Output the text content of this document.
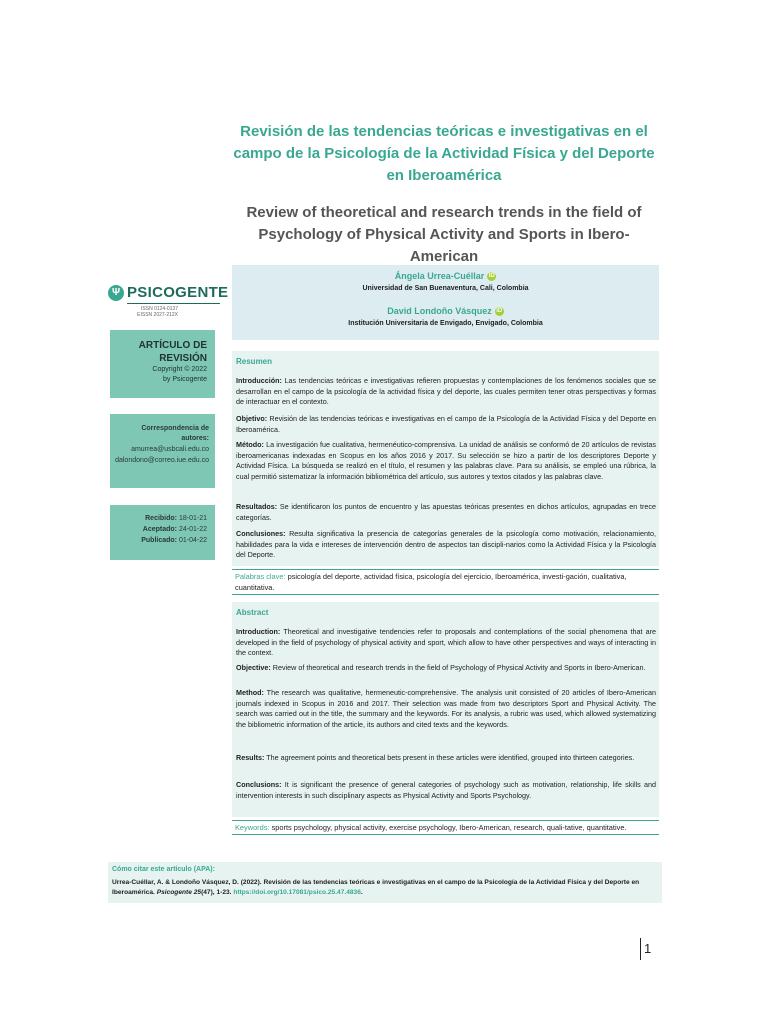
Revisión de las tendencias teóricas e investigativas en el campo de la Psicología de la Actividad Física y del Deporte en Iberoamérica
Review of theoretical and research trends in the field of Psychology of Physical Activity and Sports in Ibero-American
Ψ PSICOGENTE
ISSN 0124-0137
EISSN 2027-212X
ARTÍCULO DE
REVISIÓN
Copyright © 2022
by Psicogente
Correspondencia de
autores:
amurrea@usbcali.edu.co
dalondono@correo.iue.edu.co
Recibido: 18-01-21
Aceptado: 24-01-22
Publicado: 01-04-22
Ángela Urrea-Cuéllar iD
Universidad de San Buenaventura, Cali, Colombia
David Londoño Vásquez iD
Institución Universitaria de Envigado, Envigado, Colombia
Resumen
Introducción: Las tendencias teóricas e investigativas refieren propuestas y contemplaciones de los fenómenos sociales que se desarrollan en el campo de la psicología de la actividad física y del deporte, las cuales permiten tener otras perspectivas y formas de interactuar en el contexto.
Objetivo: Revisión de las tendencias teóricas e investigativas en el campo de la Psicología de la Actividad Física y del Deporte en Iberoamérica.
Método: La investigación fue cualitativa, hermenéutico-comprensiva. La unidad de análisis se conformó de 20 artículos de revistas iberoamericanas indexadas en Scopus en los años 2016 y 2017. Su selección se hizo a partir de los descriptores Deporte y Actividad Física. La búsqueda se realizó en el título, el resumen y las palabras clave. Para su análisis, se empleó una rúbrica, la cual permitió sistematizar la información bibliométrica del artículo, sus autores y textos citados y las palabras clave.
Resultados: Se identificaron los puntos de encuentro y las apuestas teóricas presentes en dichos artículos, agrupadas en trece categorías.
Conclusiones: Resulta significativa la presencia de categorías generales de la psicología como motivación, relacionamiento, habilidades para la vida e intereses de intervención dentro de aspectos tan discipli-narios como la Actividad Física y la Psicología del Deporte.
Palabras clave: psicología del deporte, actividad física, psicología del ejercicio, Iberoamérica, investi-gación, cualitativa, cuantitativa.
Abstract
Introduction: Theoretical and investigative tendencies refer to proposals and contemplations of the social phenomena that are developed in the field of psychology of physical activity and sport, which allow to have other perspectives and ways of interacting in the context.
Objective: Review of theoretical and research trends in the field of Psychology of Physical Activity and Sports in Ibero-American.
Method: The research was qualitative, hermeneutic-comprehensive. The analysis unit consisted of 20 articles of Ibero-American journals indexed in Scopus in 2016 and 2017. Their selection was made from two descriptors Sport and Physical Activity. The search was carried out in the title, the summary and the keywords. For its analysis, a rubric was used, which allowed systematizing the bibliometric information of the article, its authors and cited texts and the keywords.
Results: The agreement points and theoretical bets present in these articles were identified, grouped into thirteen categories.
Conclusions: It is significant the presence of general categories of psychology such as motivation, relationship, life skills and intervention interests in such disciplinary aspects as Physical Activity and Sports Psychology.
Keywords: sports psychology, physical activity, exercise psychology, Ibero-American, research, quali-tative, quantitative.
Cómo citar este artículo (APA):
Urrea-Cuéllar, A. & Londoño Vásquez, D. (2022). Revisión de las tendencias teóricas e investigativas en el campo de la Psicología de la Actividad Física y del Deporte en Iberoamérica. Psicogente 25(47), 1-23. https://doi.org/10.17081/psico.25.47.4836.
1
